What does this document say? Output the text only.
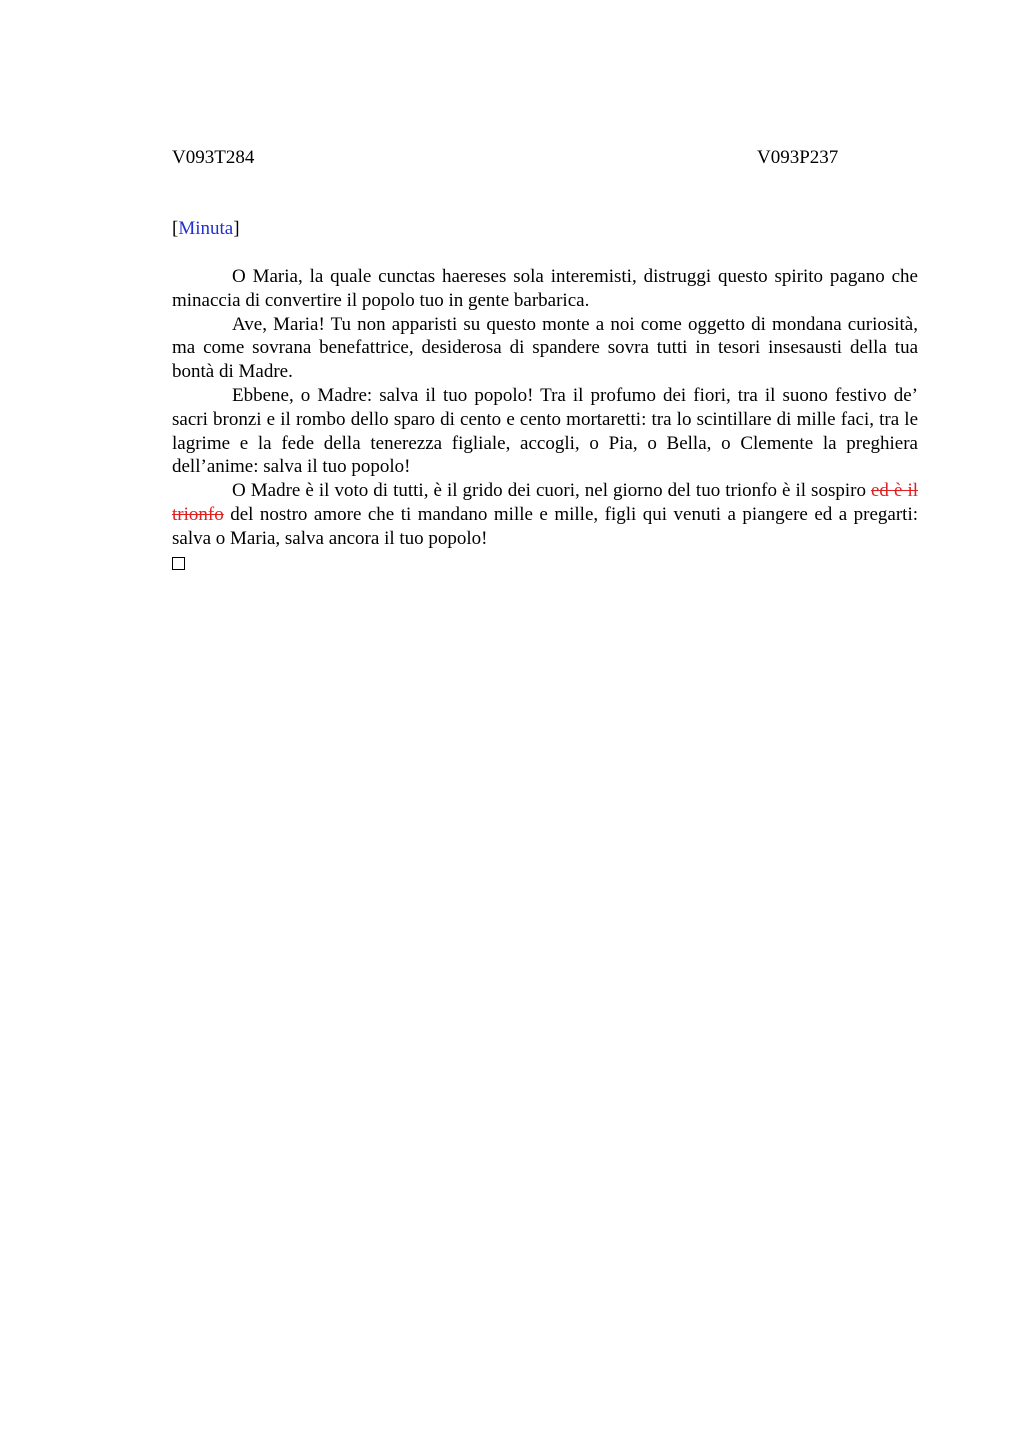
V093T284	V093P237
[Minuta]

O Maria, la quale cunctas haereses sola interemisti, distruggi questo spirito pagano che minaccia di convertire il popolo tuo in gente barbarica.

Ave, Maria! Tu non apparisti su questo monte a noi come oggetto di mondana curiosità, ma come sovrana benefattrice, desiderosa di spandere sovra tutti in tesori insesausti della tua bontà di Madre.

Ebbene, o Madre: salva il tuo popolo! Tra il profumo dei fiori, tra il suono festivo de’ sacri bronzi e il rombo dello sparo di cento e cento mortaretti: tra lo scintillare di mille faci, tra le lagrime e la fede della tenerezza figliale, accogli, o Pia, o Bella, o Clemente la preghiera dell’anime: salva il tuo popolo!

O Madre è il voto di tutti, è il grido dei cuori, nel giorno del tuo trionfo è il sospiro ed è il trionfo del nostro amore che ti mandano mille e mille, figli qui venuti a piangere ed a pregarti: salva o Maria, salva ancora il tuo popolo!
